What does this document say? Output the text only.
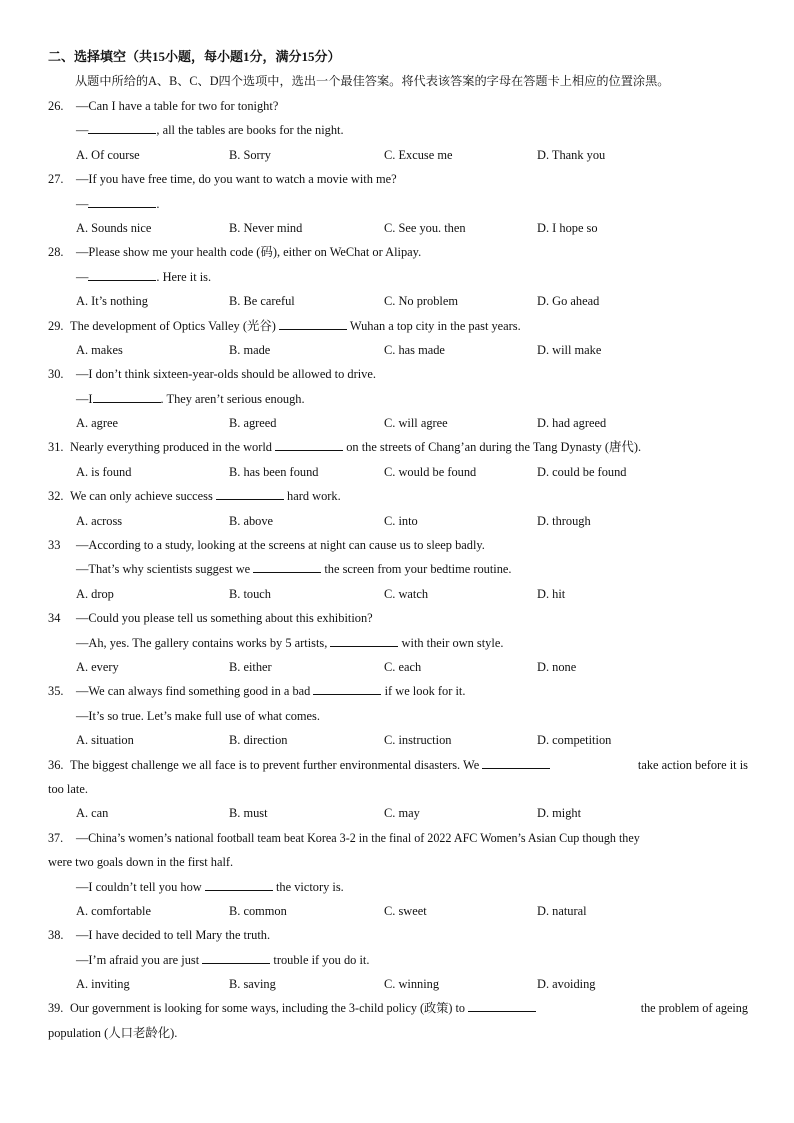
二、选择填空（共15小题，每小题1分，满分15分）
从题中所给的A、B、C、D四个选项中，选出一个最佳答案。将代表该答案的字母在答题卡上相应的位置涂黑。
26. —Can I have a table for two for tonight?
—	, all the tables are books for the night.
A. Of course	B. Sorry	C. Excuse me	D. Thank you
27. —If you have free time, do you want to watch a movie with me?
—	.
A. Sounds nice	B. Never mind	C. See you. then	D. I hope so
28. —Please show me your health code (码), either on WeChat or Alipay.
—	. Here it is.
A. It’s nothing	B. Be careful	C. No problem	D. Go ahead
29. The development of Optics Valley (光谷)	Wuhan a top city in the past years.
A. makes	B. made	C. has made	D. will make
30. —I don’t think sixteen-year-olds should be allowed to drive.
—I	. They aren’t serious enough.
A. agree	B. agreed	C. will agree	D. had agreed
31. Nearly everything produced in the world	on the streets of Chang’an during the Tang Dynasty (唐代).
A. is found	B. has been found	C. would be found	D. could be found
32. We can only achieve success	hard work.
A. across	B. above	C. into	D. through
33 —According to a study, looking at the screens at night can cause us to sleep badly.
—That’s why scientists suggest we	the screen from your bedtime routine.
A. drop	B. touch	C. watch	D. hit
34 —Could you please tell us something about this exhibition?
—Ah, yes. The gallery contains works by 5 artists,	with their own style.
A. every	B. either	C. each	D. none
35. —We can always find something good in a bad	if we look for it.
—It’s so true. Let’s make full use of what comes.
A. situation	B. direction	C. instruction	D. competition
36. The biggest challenge we all face is to prevent further environmental disasters. We	take action before it is
too late.
A. can	B. must	C. may	D. might
37. —China’s women’s national football team beat Korea 3-2 in the final of 2022 AFC Women’s Asian Cup though they
were two goals down in the first half.
—I couldn’t tell you how	the victory is.
A. comfortable	B. common	C. sweet	D. natural
38. —I have decided to tell Mary the truth.
—I’m afraid you are just	trouble if you do it.
A. inviting	B. saving	C. winning	D. avoiding
39. Our government is looking for some ways, including the 3-child policy (政策) to	the problem of ageing
population (人口老龄化).
